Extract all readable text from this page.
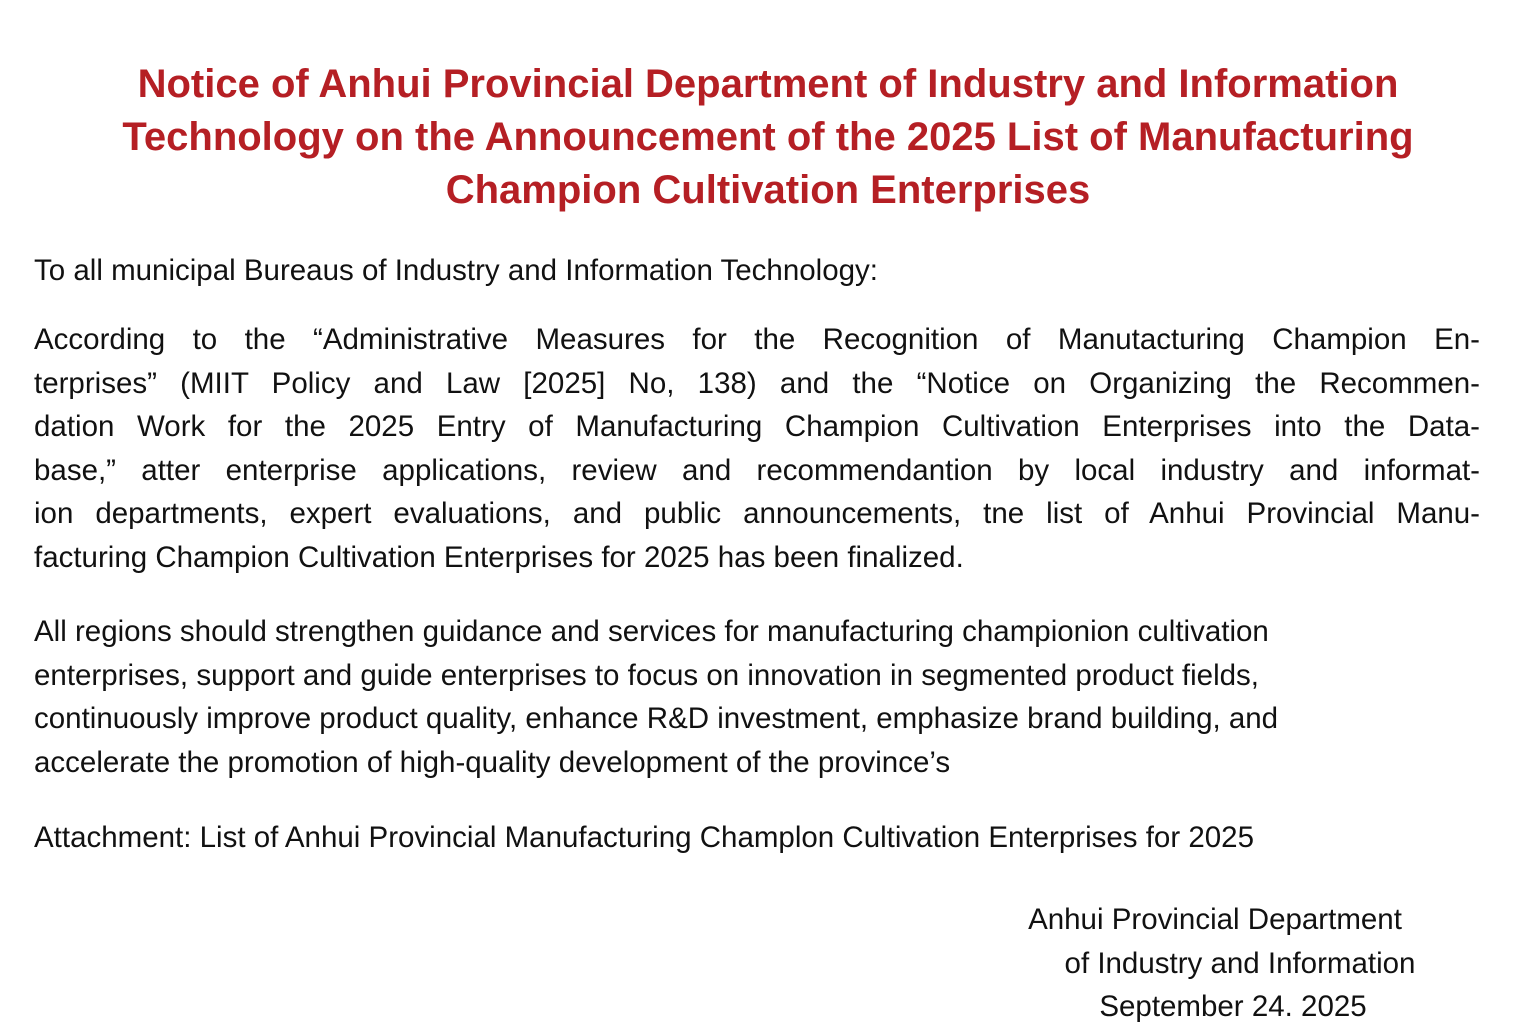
Notice of Anhui Provincial Department of Industry and Information
Technology on the Announcement of the 2025 List of Manufacturing
Champion Cultivation Enterprises

To all municipal Bureaus of Industry and Information Technology:

According to the “Administrative Measures for the Recognition of Manutacturing Champion En-
terprises” (MIIT Policy and Law [2025] No, 138) and the “Notice on Organizing the Recommen-
dation Work for the 2025 Entry of Manufacturing Champion Cultivation Enterprises into the Data-
base,” atter enterprise applications, review and recommendantion by local industry and informat-
ion departments, expert evaluations, and public announcements, tne list of Anhui Provincial Manu-
facturing Champion Cultivation Enterprises for 2025 has been finalized.

All regions should strengthen guidance and services for manufacturing championion cultivation
enterprises, support and guide enterprises to focus on innovation in segmented product fields,
continuously improve product quality, enhance R&D investment, emphasize brand building, and
accelerate the promotion of high-quality development of the province’s

Attachment: List of Anhui Provincial Manufacturing Champlon Cultivation Enterprises for 2025

Anhui Provincial Department
of Industry and Information
September 24. 2025
